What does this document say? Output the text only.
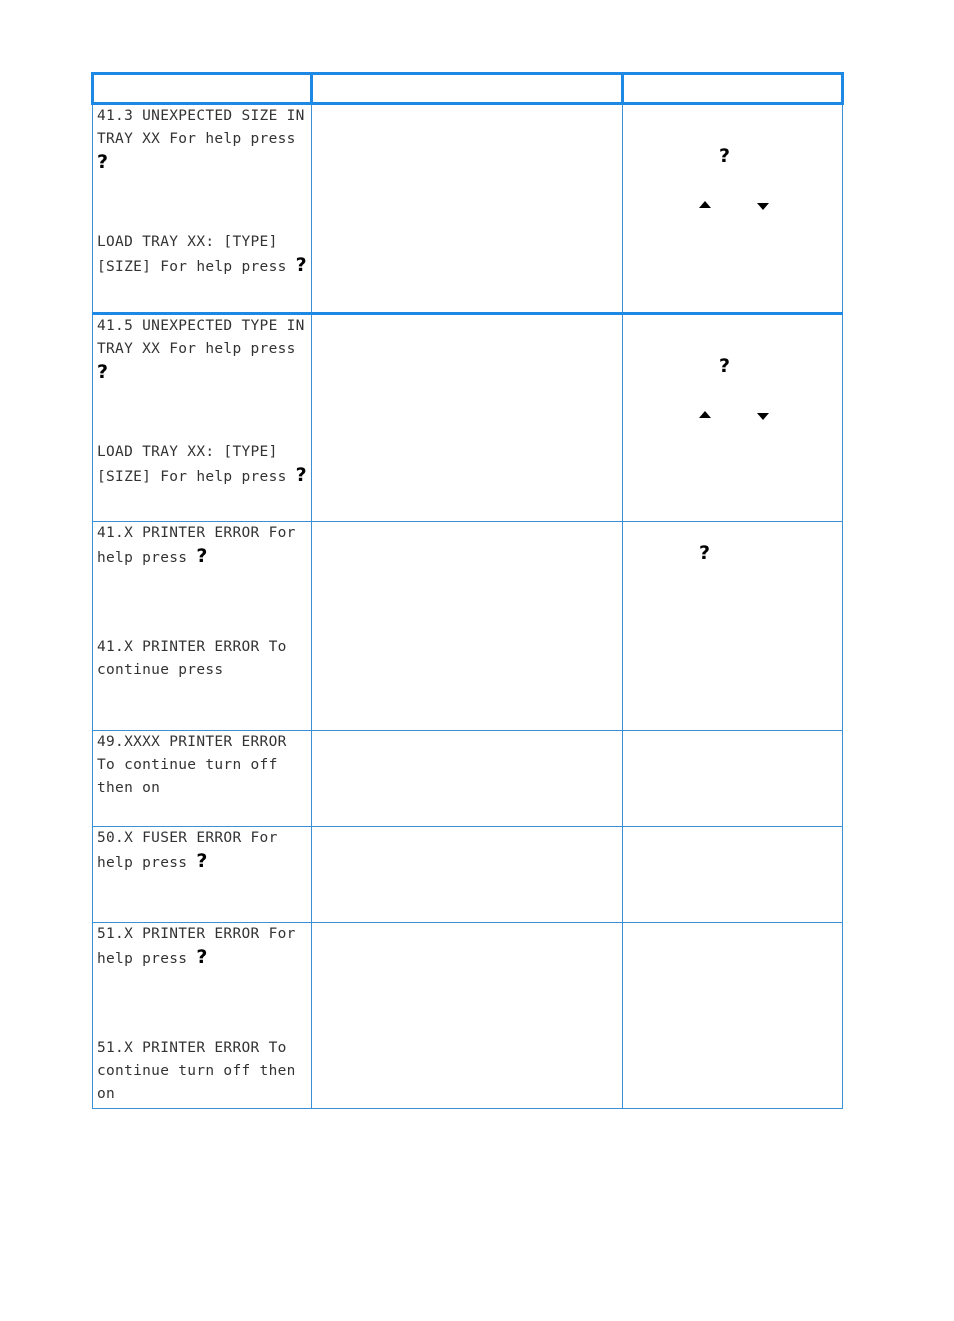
41.3 UNEXPECTED SIZE IN TRAY XX For help press ?
LOAD TRAY XX: [TYPE] [SIZE] For help press ?		?

41.5 UNEXPECTED TYPE IN TRAY XX For help press ?
LOAD TRAY XX: [TYPE] [SIZE] For help press ?		?

41.X PRINTER ERROR For help press ?
41.X PRINTER ERROR To continue press		?

49.XXXX PRINTER ERROR To continue turn off then on		

50.X FUSER ERROR For help press ?		

51.X PRINTER ERROR For help press ?
51.X PRINTER ERROR To continue turn off then on		
